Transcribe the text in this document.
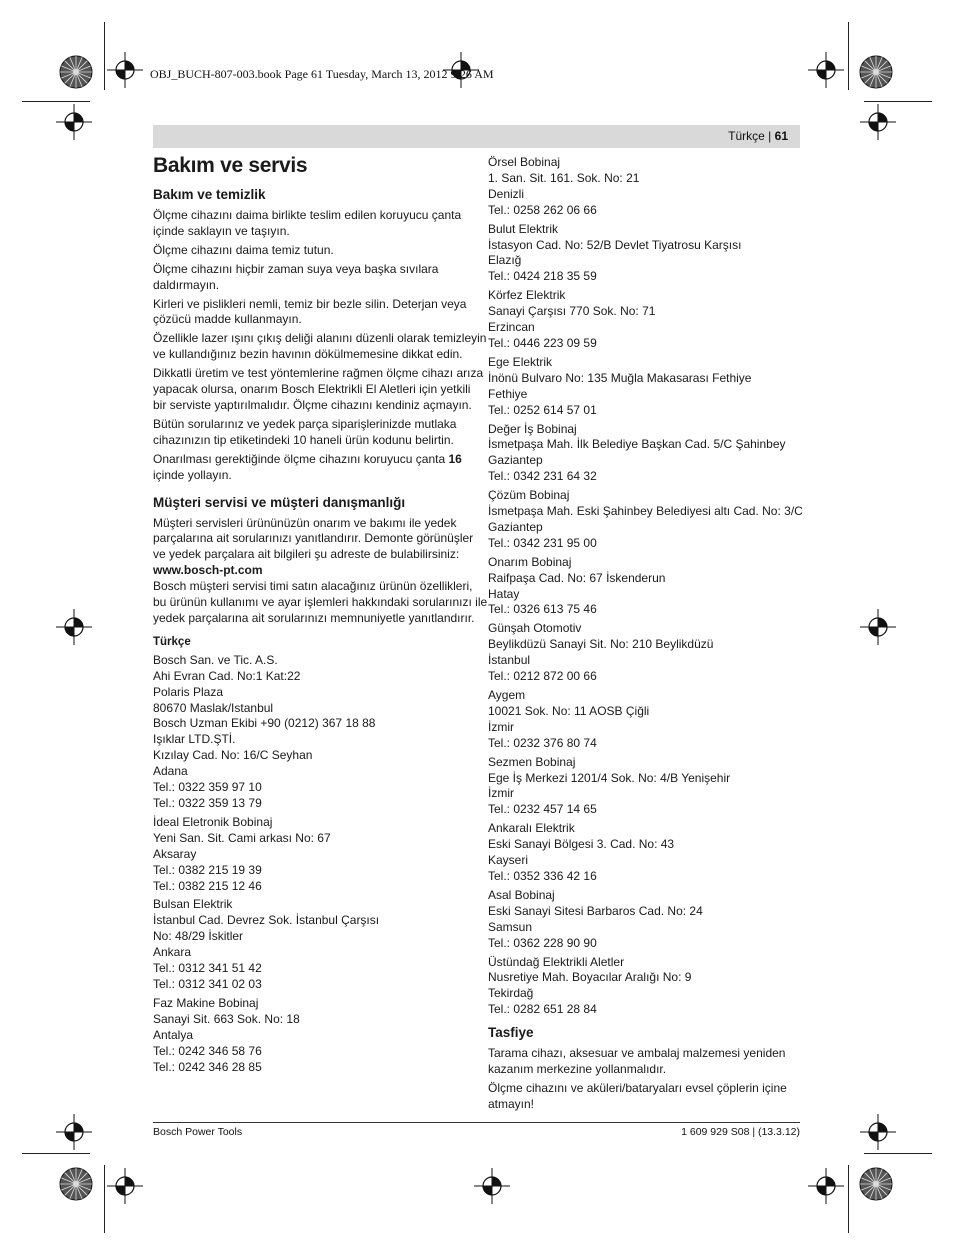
OBJ_BUCH-807-003.book Page 61 Tuesday, March 13, 2012 9:26 AM
Türkçe | 61
Bakım ve servis
Bakım ve temizlik
Ölçme cihazını daima birlikte teslim edilen koruyucu çanta
içinde saklayın ve taşıyın.
Ölçme cihazını daima temiz tutun.
Ölçme cihazını hiçbir zaman suya veya başka sıvılara
daldırmayın.
Kirleri ve pislikleri nemli, temiz bir bezle silin. Deterjan veya
çözücü madde kullanmayın.
Özellikle lazer ışını çıkış deliği alanını düzenli olarak temizleyin
ve kullandığınız bezin havının dökülmemesine dikkat edin.
Dikkatli üretim ve test yöntemlerine rağmen ölçme cihazı arıza
yapacak olursa, onarım Bosch Elektrikli El Aletleri için yetkili
bir serviste yaptırılmalıdır. Ölçme cihazını kendiniz açmayın.
Bütün sorularınız ve yedek parça siparişlerinizde mutlaka
cihazınızın tip etiketindeki 10 haneli ürün kodunu belirtin.
Onarılması gerektiğinde ölçme cihazını koruyucu çanta 16
içinde yollayın.
Müşteri servisi ve müşteri danışmanlığı
Müşteri servisleri ürününüzün onarım ve bakımı ile yedek
parçalarına ait sorularınızı yanıtlandırır. Demonte görünüşler
ve yedek parçalara ait bilgileri şu adreste de bulabilirsiniz:
www.bosch-pt.com
Bosch müşteri servisi timi satın alacağınız ürünün özellikleri,
bu ürünün kullanımı ve ayar işlemleri hakkındaki sorularınızı ile
yedek parçalarına ait sorularınızı memnuniyetle yanıtlandırır.
Türkçe
Bosch San. ve Tic. A.S.
Ahi Evran Cad. No:1 Kat:22
Polaris Plaza
80670 Maslak/Istanbul
Bosch Uzman Ekibi +90 (0212) 367 18 88
Işıklar LTD.ŞTİ.
Kızılay Cad. No: 16/C Seyhan
Adana
Tel.: 0322 359 97 10
Tel.: 0322 359 13 79
İdeal Eletronik Bobinaj
Yeni San. Sit. Cami arkası No: 67
Aksaray
Tel.: 0382 215 19 39
Tel.: 0382 215 12 46
Bulsan Elektrik
İstanbul Cad. Devrez Sok. İstanbul Çarşısı
No: 48/29 İskitler
Ankara
Tel.: 0312 341 51 42
Tel.: 0312 341 02 03
Faz Makine Bobinaj
Sanayi Sit. 663 Sok. No: 18
Antalya
Tel.: 0242 346 58 76
Tel.: 0242 346 28 85
Örsel Bobinaj
1. San. Sit. 161. Sok. No: 21
Denizli
Tel.: 0258 262 06 66
Bulut Elektrik
İstasyon Cad. No: 52/B Devlet Tiyatrosu Karşısı
Elazığ
Tel.: 0424 218 35 59
Körfez Elektrik
Sanayi Çarşısı 770 Sok. No: 71
Erzincan
Tel.: 0446 223 09 59
Ege Elektrik
İnönü Bulvaro No: 135 Muğla Makasarası Fethiye
Fethiye
Tel.: 0252 614 57 01
Değer İş Bobinaj
İsmetpaşa Mah. İlk Belediye Başkan Cad. 5/C Şahinbey
Gaziantep
Tel.: 0342 231 64 32
Çözüm Bobinaj
İsmetpaşa Mah. Eski Şahinbey Belediyesi altı Cad. No: 3/C
Gaziantep
Tel.: 0342 231 95 00
Onarım Bobinaj
Raifpaşa Cad. No: 67 İskenderun
Hatay
Tel.: 0326 613 75 46
Günşah Otomotiv
Beylikdüzü Sanayi Sit. No: 210 Beylikdüzü
İstanbul
Tel.: 0212 872 00 66
Aygem
10021 Sok. No: 11 AOSB Çiğli
İzmir
Tel.: 0232 376 80 74
Sezmen Bobinaj
Ege İş Merkezi 1201/4 Sok. No: 4/B Yenişehir
İzmir
Tel.: 0232 457 14 65
Ankaralı Elektrik
Eski Sanayi Bölgesi 3. Cad. No: 43
Kayseri
Tel.: 0352 336 42 16
Asal Bobinaj
Eski Sanayi Sitesi Barbaros Cad. No: 24
Samsun
Tel.: 0362 228 90 90
Üstündağ Elektrikli Aletler
Nusretiye Mah. Boyacılar Aralığı No: 9
Tekirdağ
Tel.: 0282 651 28 84
Tasfiye
Tarama cihazı, aksesuar ve ambalaj malzemesi yeniden
kazanım merkezine yollanmalıdır.
Ölçme cihazını ve aküleri/bataryaları evsel çöplerin içine
atmayın!
Bosch Power Tools	1 609 929 S08 | (13.3.12)
